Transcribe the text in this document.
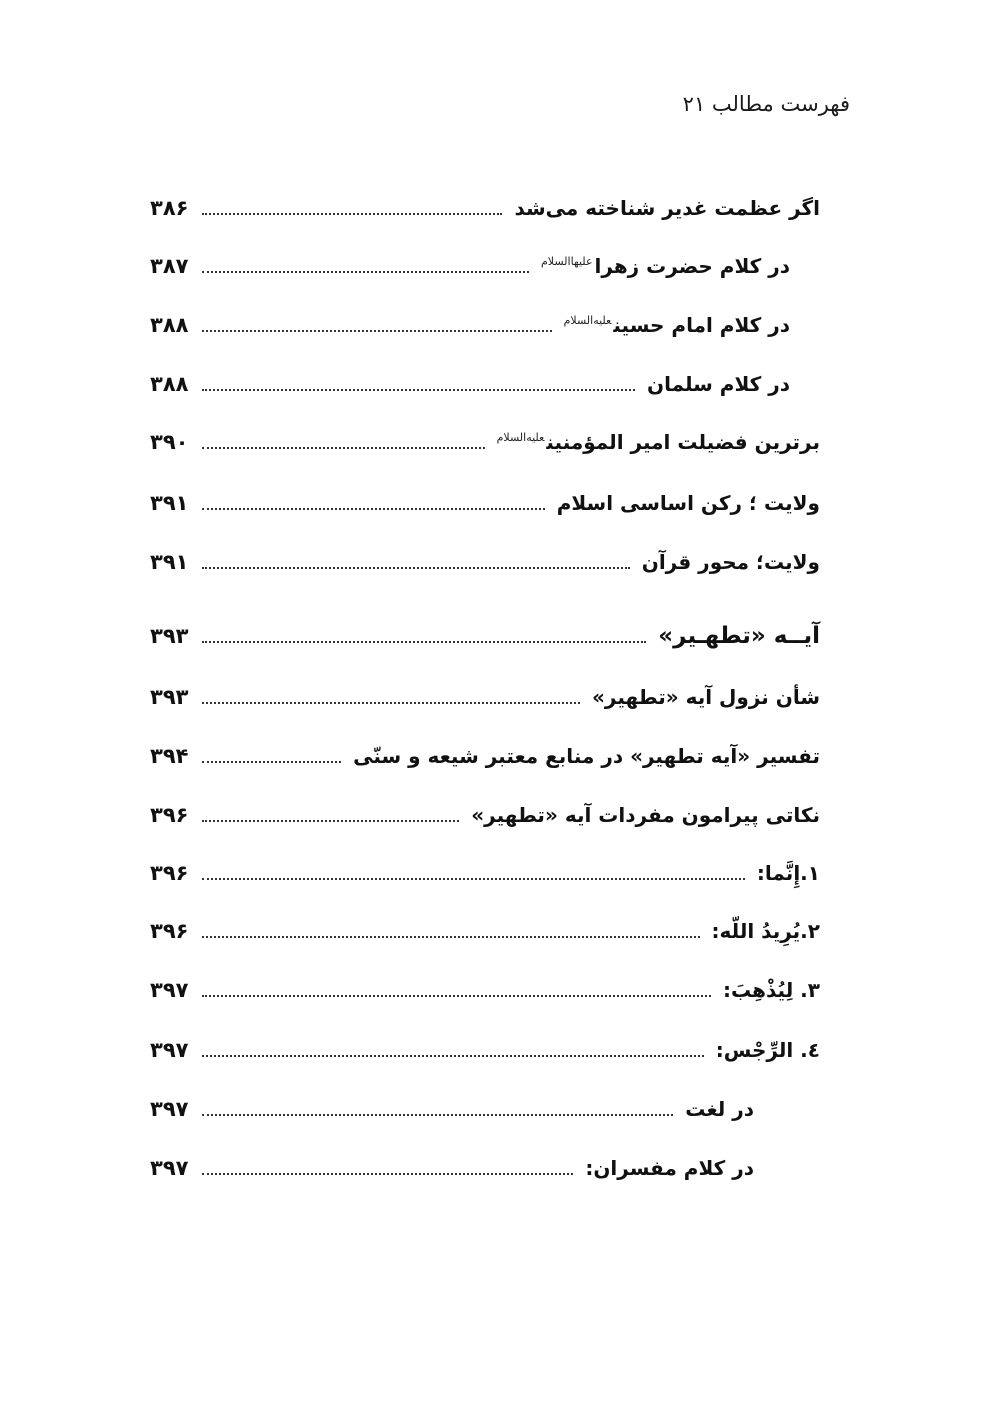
فهرست مطالب ۲۱
اگر عظمت غدیر شناخته می‌شد
۳۸۶
در کلام حضرت زهرا$^{علیهاالسلام}$
۳۸۷
در کلام امام حسین$^{علیه‌السلام}$
۳۸۸
در کلام سلمان
۳۸۸
برترین فضیلت امیر المؤمنین$^{علیه‌السلام}$
۳۹۰
ولایت ؛ رکن اساسی اسلام
۳۹۱
ولایت؛ محور قرآن
۳۹۱
آیــه «تطهـیر»
۳۹۳
شأن نزول آیه «تطهیر»
۳۹۳
تفسیر «آیه تطهیر» در منابع معتبر شیعه و سنّی
۳۹۴
نکاتی پیرامون مفردات آیه «تطهیر»
۳۹۶
۱.إِنَّما:
۳۹۶
۲.یُرِیدُ اللّه:
۳۹۶
۳. لِیُذْهِبَ:
۳۹۷
٤. الرِّجْس:
۳۹۷
در لغت
۳۹۷
در کلام مفسران:
۳۹۷
